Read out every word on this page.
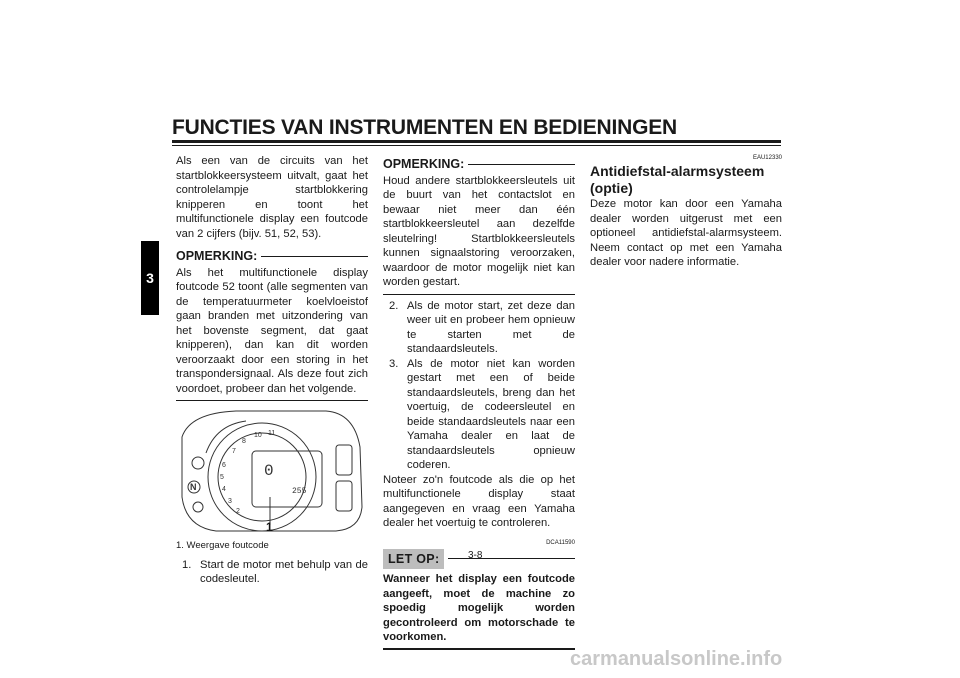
FUNCTIES VAN INSTRUMENTEN EN BEDIENINGEN
3

Als een van de circuits van het startblokkeersysteem uitvalt, gaat het controlelampje startblokkering knipperen en toont het multifunctionele display een foutcode van 2 cijfers (bijv. 51, 52, 53).

OPMERKING:

Als het multifunctionele display foutcode 52 toont (alle segmenten van de temperatuurmeter koelvloeistof gaan branden met uitzondering van het bovenste segment, dat gaat knipperen), dan kan dit worden veroorzaakt door een storing in het transpondersignaal. Als deze fout zich voordoet, probeer dan het volgende.

N
6
5
4
3
2
7
8
10 11
0
255
1
1. Weergave foutcode
1. Start de motor met behulp van de codesleutel.
OPMERKING:

Houd andere startblokkeersleutels uit de buurt van het contactslot en bewaar niet meer dan één startblokkeersleutel aan dezelfde sleutelring! Startblokkeersleutels kunnen signaalstoring veroorzaken, waardoor de motor mogelijk niet kan worden gestart.

2. Als de motor start, zet deze dan weer uit en probeer hem opnieuw te starten met de standaardsleutels.
3. Als de motor niet kan worden gestart met een of beide standaardsleutels, breng dan het voertuig, de codeersleutel en beide standaardsleutels naar een Yamaha dealer en laat de standaardsleutels opnieuw coderen.

Noteer zo'n foutcode als die op het multifunctionele display staat aangegeven en vraag een Yamaha dealer het voertuig te controleren.

DCA11590
LET OP:
Wanneer het display een foutcode aangeeft, moet de machine zo spoedig mogelijk worden gecontroleerd om motorschade te voorkomen.
EAU12330
Antidiefstal-alarmsysteem (optie)

Deze motor kan door een Yamaha dealer worden uitgerust met een optioneel antidiefstal-alarmsysteem. Neem contact op met een Yamaha dealer voor nadere informatie.

3-8
carmanualsonline.info
